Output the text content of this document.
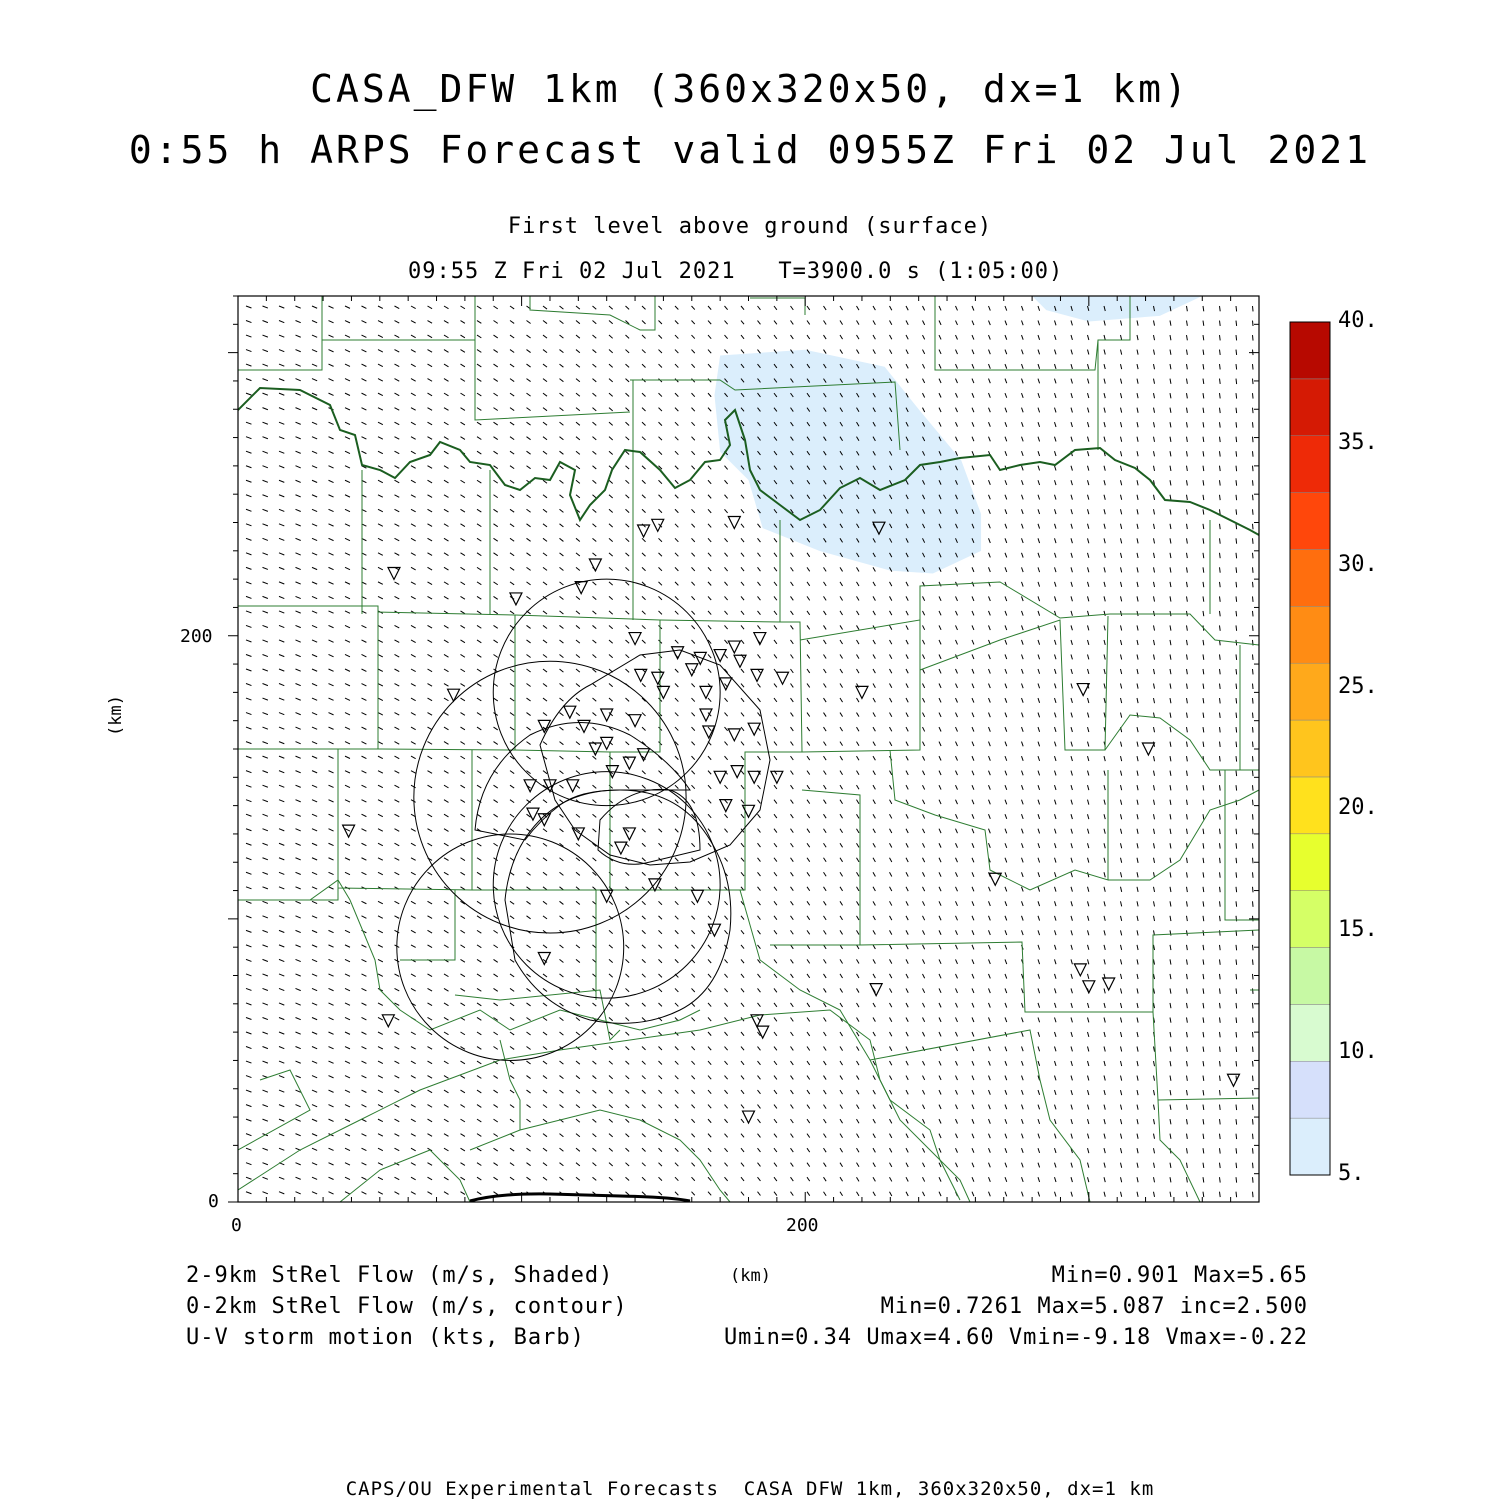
CASA_DFW 1km (360x320x50, dx=1 km)
0:55 h ARPS Forecast valid 0955Z Fri 02 Jul 2021
First level above ground (surface)
09:55 Z Fri 02 Jul 2021   T=3900.0 s (1:05:00)
0	200
0
200
(km)
(km)
2-9km StRel Flow (m/s, Shaded)	Min=0.901 Max=5.65
0-2km StRel Flow (m/s, contour)	Min=0.7261 Max=5.087 inc=2.500
U-V storm motion (kts, Barb)	Umin=0.34 Umax=4.60 Vmin=-9.18 Vmax=-0.22
5.
10.
15.
20.
25.
30.
35.
40.
CAPS/OU Experimental Forecasts  CASA DFW 1km, 360x320x50, dx=1 km
